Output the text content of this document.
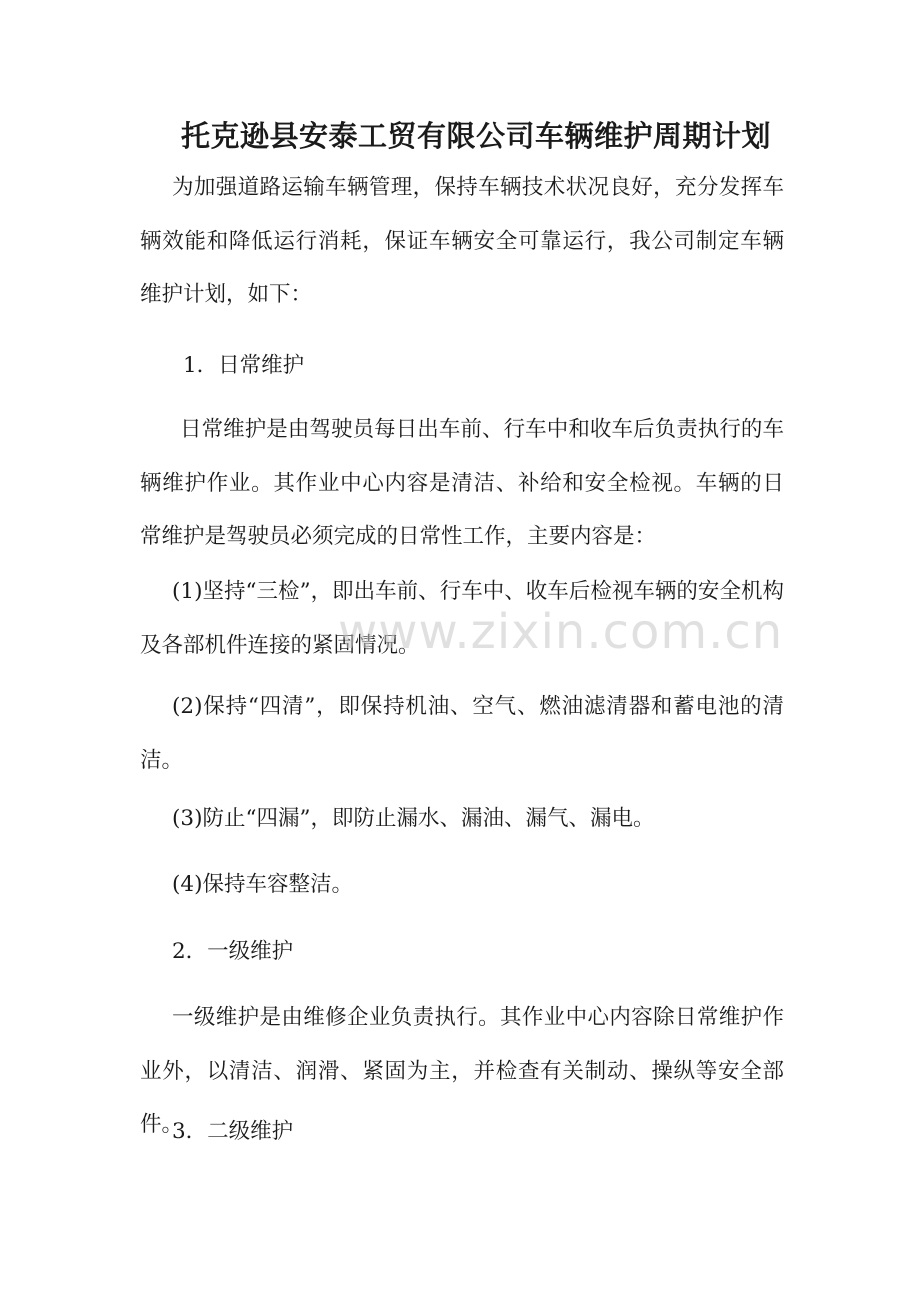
托克逊县安泰工贸有限公司车辆维护周期计划

为加强道路运输车辆管理，保持车辆技术状况良好，充分发挥车辆效能和降低运行消耗，保证车辆安全可靠运行，我公司制定车辆维护计划，如下：

1．日常维护

日常维护是由驾驶员每日出车前、行车中和收车后负责执行的车辆维护作业。其作业中心内容是清洁、补给和安全检视。车辆的日常维护是驾驶员必须完成的日常性工作，主要内容是：

(1)坚持“三检”，即出车前、行车中、收车后检视车辆的安全机构及各部机件连接的紧固情况。

(2)保持“四清”，即保持机油、空气、燃油滤清器和蓄电池的清洁。

(3)防止“四漏”，即防止漏水、漏油、漏气、漏电。

(4)保持车容整洁。

2．一级维护

一级维护是由维修企业负责执行。其作业中心内容除日常维护作业外，以清洁、润滑、紧固为主，并检查有关制动、操纵等安全部件。

3．二级维护

www.zixin.com.cn
